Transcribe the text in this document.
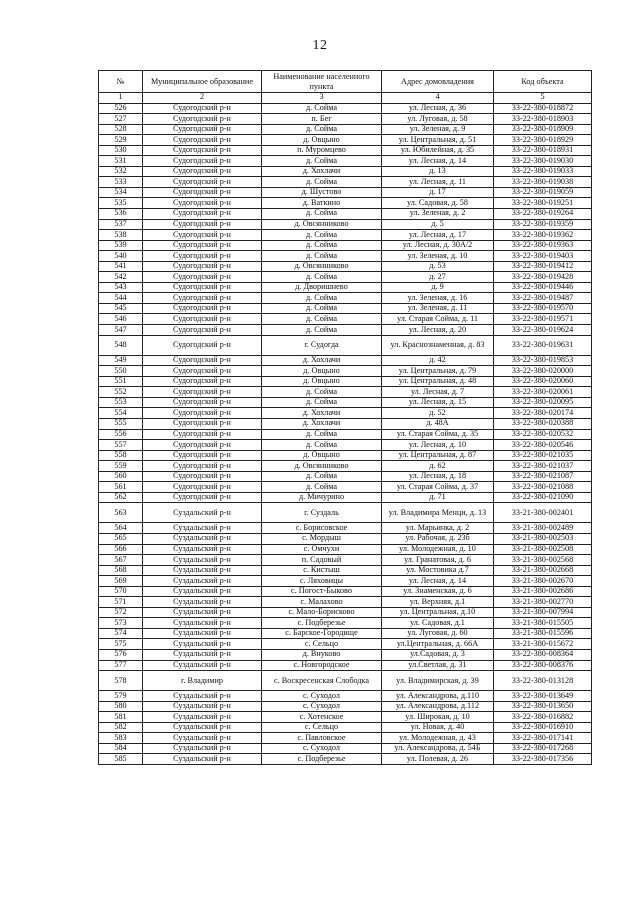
12
№	Муниципальное образование	Наименование населенного пункта	Адрес домовладения	Код объекта
1	2	3	4	5
526	Судогодский р-н	д. Сойма	ул. Лесная, д. 36	33-22-380-018872
527	Судогодский р-н	п. Бег	ул. Луговая, д. 58	33-22-380-018903
528	Судогодский р-н	д. Сойма	ул. Зеленая, д. 9	33-22-380-018909
529	Судогодский р-н	д. Овцыно	ул. Центральная, д. 51	33-22-380-018929
530	Судогодский р-н	п. Муромцево	ул. Юбилейная, д. 35	33-22-380-018931
531	Судогодский р-н	д. Сойма	ул. Лесная, д. 14	33-22-380-019030
532	Судогодский р-н	д. Хохлачи	д. 13	33-22-380-019033
533	Судогодский р-н	д. Сойма	ул. Лесная, д. 11	33-22-380-019038
534	Судогодский р-н	д. Шустово	д. 17	33-22-380-019059
535	Судогодский р-н	д. Ваткино	ул. Садовая, д. 58	33-22-380-019251
536	Судогодский р-н	д. Сойма	ул. Зеленая, д. 2	33-22-380-019264
537	Судогодский р-н	д. Овсянниково	д. 5	33-22-380-019359
538	Судогодский р-н	д. Сойма	ул. Лесная, д. 17	33-22-380-019362
539	Судогодский р-н	д. Сойма	ул. Лесная, д. 30А/2	33-22-380-019363
540	Судогодский р-н	д. Сойма	ул. Зеленая, д. 10	33-22-380-019403
541	Судогодский р-н	д. Овсянниково	д. 53	33-22-380-019412
542	Судогодский р-н	д. Сойма	д. 27	33-22-380-019428
543	Судогодский р-н	д. Дворишнево	д. 9	33-22-380-019446
544	Судогодский р-н	д. Сойма	ул. Зеленая, д. 16	33-22-380-019487
545	Судогодский р-н	д. Сойма	ул. Зеленая, д. 11	33-22-380-019570
546	Судогодский р-н	д. Сойма	ул. Старая Сойма, д. 11	33-22-380-019571
547	Судогодский р-н	д. Сойма	ул. Лесная, д. 20	33-22-380-019624
548	Судогодский р-н	г. Судогда	ул. Краснознаменная, д. 83	33-22-380-019631
549	Судогодский р-н	д. Хохлачи	д. 42	33-22-380-019853
550	Судогодский р-н	д. Овцыно	ул. Центральная, д. 79	33-22-380-020000
551	Судогодский р-н	д. Овцыно	ул. Центральная, д. 48	33-22-380-020060
552	Судогодский р-н	д. Сойма	ул. Лесная, д. 7	33-22-380-020061
553	Судогодский р-н	д. Сойма	ул. Лесная, д. 15	33-22-380-020095
554	Судогодский р-н	д. Хохлачи	д. 52	33-22-380-020174
555	Судогодский р-н	д. Хохлачи	д. 48А	33-22-380-020388
556	Судогодский р-н	д. Сойма	ул. Старая Сойма, д. 35	33-22-380-020532
557	Судогодский р-н	д. Сойма	ул. Лесная, д. 10	33-22-380-020546
558	Судогодский р-н	д. Овцыно	ул. Центральная, д. 87	33-22-380-021035
559	Судогодский р-н	д. Овсянниково	д. 62	33-22-380-021037
560	Судогодский р-н	д. Сойма	ул. Лесная, д. 18	33-22-380-021087
561	Судогодский р-н	д. Сойма	ул. Старая Сойма, д. 37	33-22-380-021088
562	Судогодский р-н	д. Мичурино	д. 71	33-22-380-021090
563	Суздальский р-н	г. Суздаль	ул. Владимира Менци, д. 13	33-21-380-002401
564	Суздальский р-н	с. Борисовское	ул. Марьинка, д. 2	33-21-380-002489
565	Суздальский р-н	с. Мордыш	ул. Рабочая, д. 23б	33-21-380-002503
566	Суздальский р-н	с. Омчухи	ул. Молодежная, д. 10	33-21-380-002508
567	Суздальский р-н	п. Садовый	ул. Гранатовая, д. 6	33-21-380-002568
568	Суздальский р-н	с. Кистыш	ул. Мостовика д.7	33-21-380-002668
569	Суздальский р-н	с. Ляховицы	ул. Лесная, д. 14	33-21-380-002670
570	Суздальский р-н	с. Погост-Быково	ул. Знаменская, д. 6	33-21-380-002686
571	Суздальский р-н	с. Малахово	ул. Верхняя, д.1	33-21-380-002770
572	Суздальский р-н	с. Мало-Борисково	ул. Центральная, д.10	33-21-380-007994
573	Суздальский р-н	с. Подберезье	ул. Садовая, д.1	33-21-380-015505
574	Суздальский р-н	с. Барское-Городище	ул. Луговая, д. 60	33-21-380-015596
575	Суздальский р-н	с. Сельцо	ул.Центральная, д. 66А	33-21-380-015672
576	Суздальский р-н	д. Внуково	ул.Садовая, д. 3	33-22-380-008364
577	Суздальский р-н	с. Новгородское	ул.Светлая, д. 31	33-22-380-008376
578	г. Владимир	с. Воскресенская Слободка	ул. Владимирская, д. 39	33-22-380-013128
579	Суздальский р-н	с. Суходол	ул. Александрова, д.110	33-22-380-013649
580	Суздальский р-н	с. Суходол	ул. Александрова, д.112	33-22-380-013650
581	Суздальский р-н	с. Хотенское	ул. Широкая, д. 10	33-22-380-016882
582	Суздальский р-н	с. Сельцо	ул. Новая, д. 40	33-22-380-016910
583	Суздальский р-н	с. Павловское	ул. Молодежная, д. 43	33-22-380-017141
584	Суздальский р-н	с. Суходол	ул. Александрова, д. 54Б	33-22-380-017268
585	Суздальский р-н	с. Подберезье	ул. Полевая, д. 26	33-22-380-017356
